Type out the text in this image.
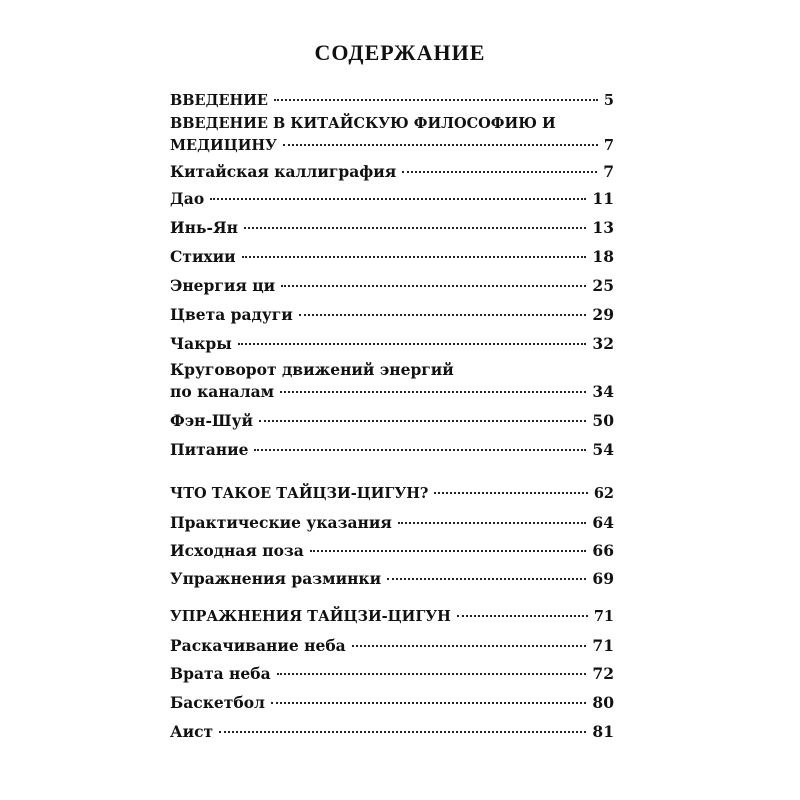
СОДЕРЖАНИЕ
ВВЕДЕНИЕ	5
ВВЕДЕНИЕ В КИТАЙСКУЮ ФИЛОСОФИЮ И
МЕДИЦИНУ	7
Китайская каллиграфия	7
Дао	11
Инь-Ян	13
Стихии	18
Энергия ци	25
Цвета радуги	29
Чакры	32
Круговорот движений энергий
по каналам	34
Фэн-Шуй	50
Питание	54
ЧТО ТАКОЕ ТАЙЦЗИ-ЦИГУН?	62
Практические указания	64
Исходная поза	66
Упражнения разминки	69
УПРАЖНЕНИЯ ТАЙЦЗИ-ЦИГУН	71
Раскачивание неба	71
Врата неба	72
Баскетбол	80
Аист	81
